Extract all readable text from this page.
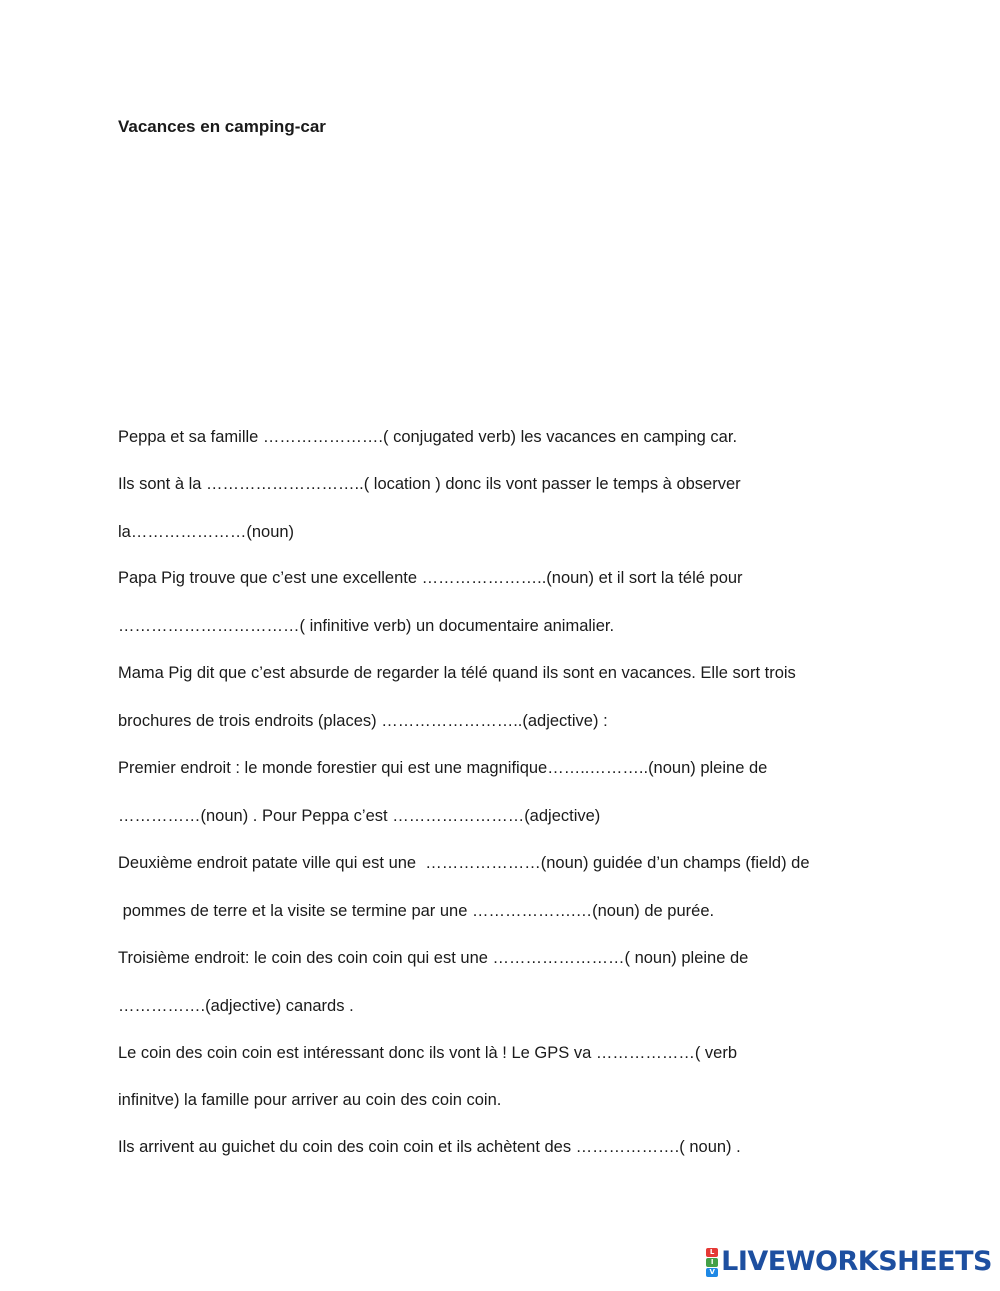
Vacances en camping-car
Peppa et sa famille ………………….( conjugated verb) les vacances en camping car.
Ils sont à la ………………………..( location ) donc ils vont passer le temps à observer
la…………………(noun)
Papa Pig trouve que c’est une excellente …………………..(noun) et il sort la télé pour
……………………………( infinitive verb) un documentaire animalier.
Mama Pig dit que c’est absurde de regarder la télé quand ils sont en vacances. Elle sort trois
brochures de trois endroits (places) ……………………..(adjective) :
Premier endroit : le monde forestier qui est une magnifique……..………..(noun) pleine de
……………(noun) . Pour Peppa c’est ……………………(adjective)
Deuxième endroit patate ville qui est une  …………………(noun) guidée d’un champs (field) de
pommes de terre et la visite se termine par une ……………….…(noun) de purée.
Troisième endroit: le coin des coin coin qui est une ……………………( noun) pleine de
…………….(adjective) canards .
Le coin des coin coin est intéressant donc ils vont là ! Le GPS va ………………( verb
infinitve) la famille pour arriver au coin des coin coin.
Ils arrivent au guichet du coin des coin coin et ils achètent des ……………….( noun) .
L
I
V LIVEWORKSHEETS
